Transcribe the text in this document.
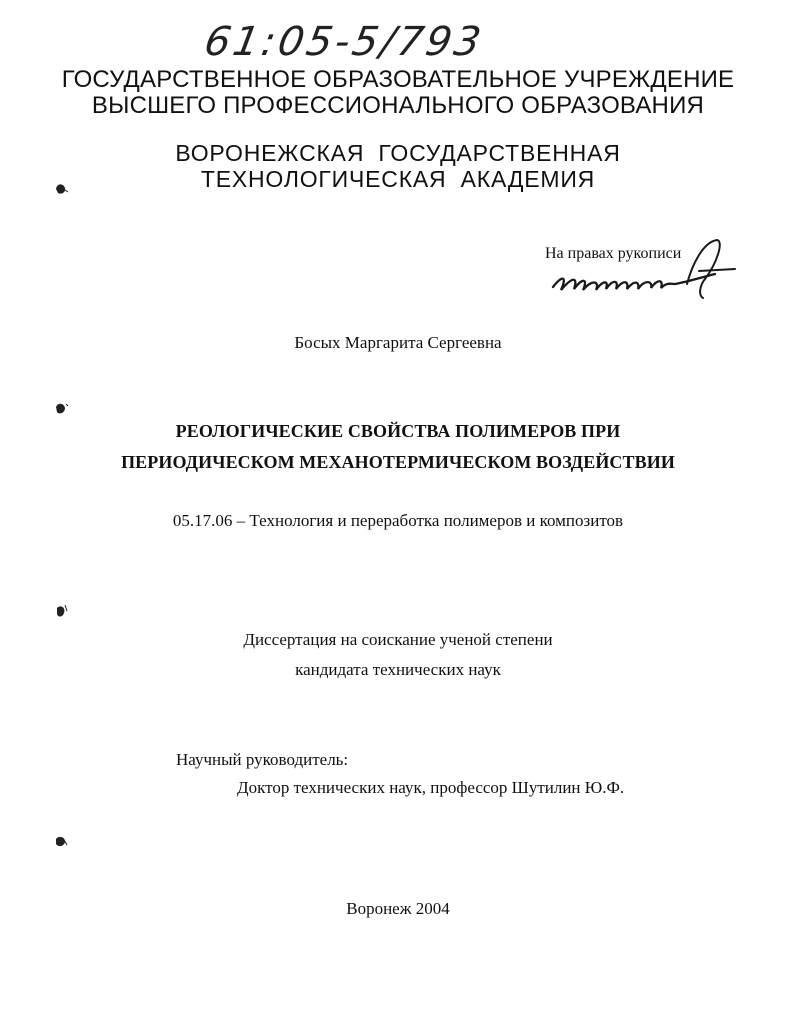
61:05-5/793
ГОСУДАРСТВЕННОЕ ОБРАЗОВАТЕЛЬНОЕ УЧРЕЖДЕНИЕ
ВЫСШЕГО ПРОФЕССИОНАЛЬНОГО ОБРАЗОВАНИЯ
ВОРОНЕЖСКАЯ ГОСУДАРСТВЕННАЯ
ТЕХНОЛОГИЧЕСКАЯ АКАДЕМИЯ
На правах рукописи
Босых Маргарита Сергеевна
РЕОЛОГИЧЕСКИЕ СВОЙСТВА ПОЛИМЕРОВ ПРИ
ПЕРИОДИЧЕСКОМ МЕХАНОТЕРМИЧЕСКОМ ВОЗДЕЙСТВИИ
05.17.06 – Технология и переработка полимеров и композитов
Диссертация на соискание ученой степени
кандидата технических наук
Научный руководитель:
Доктор технических наук, профессор Шутилин Ю.Ф.
Воронеж 2004
